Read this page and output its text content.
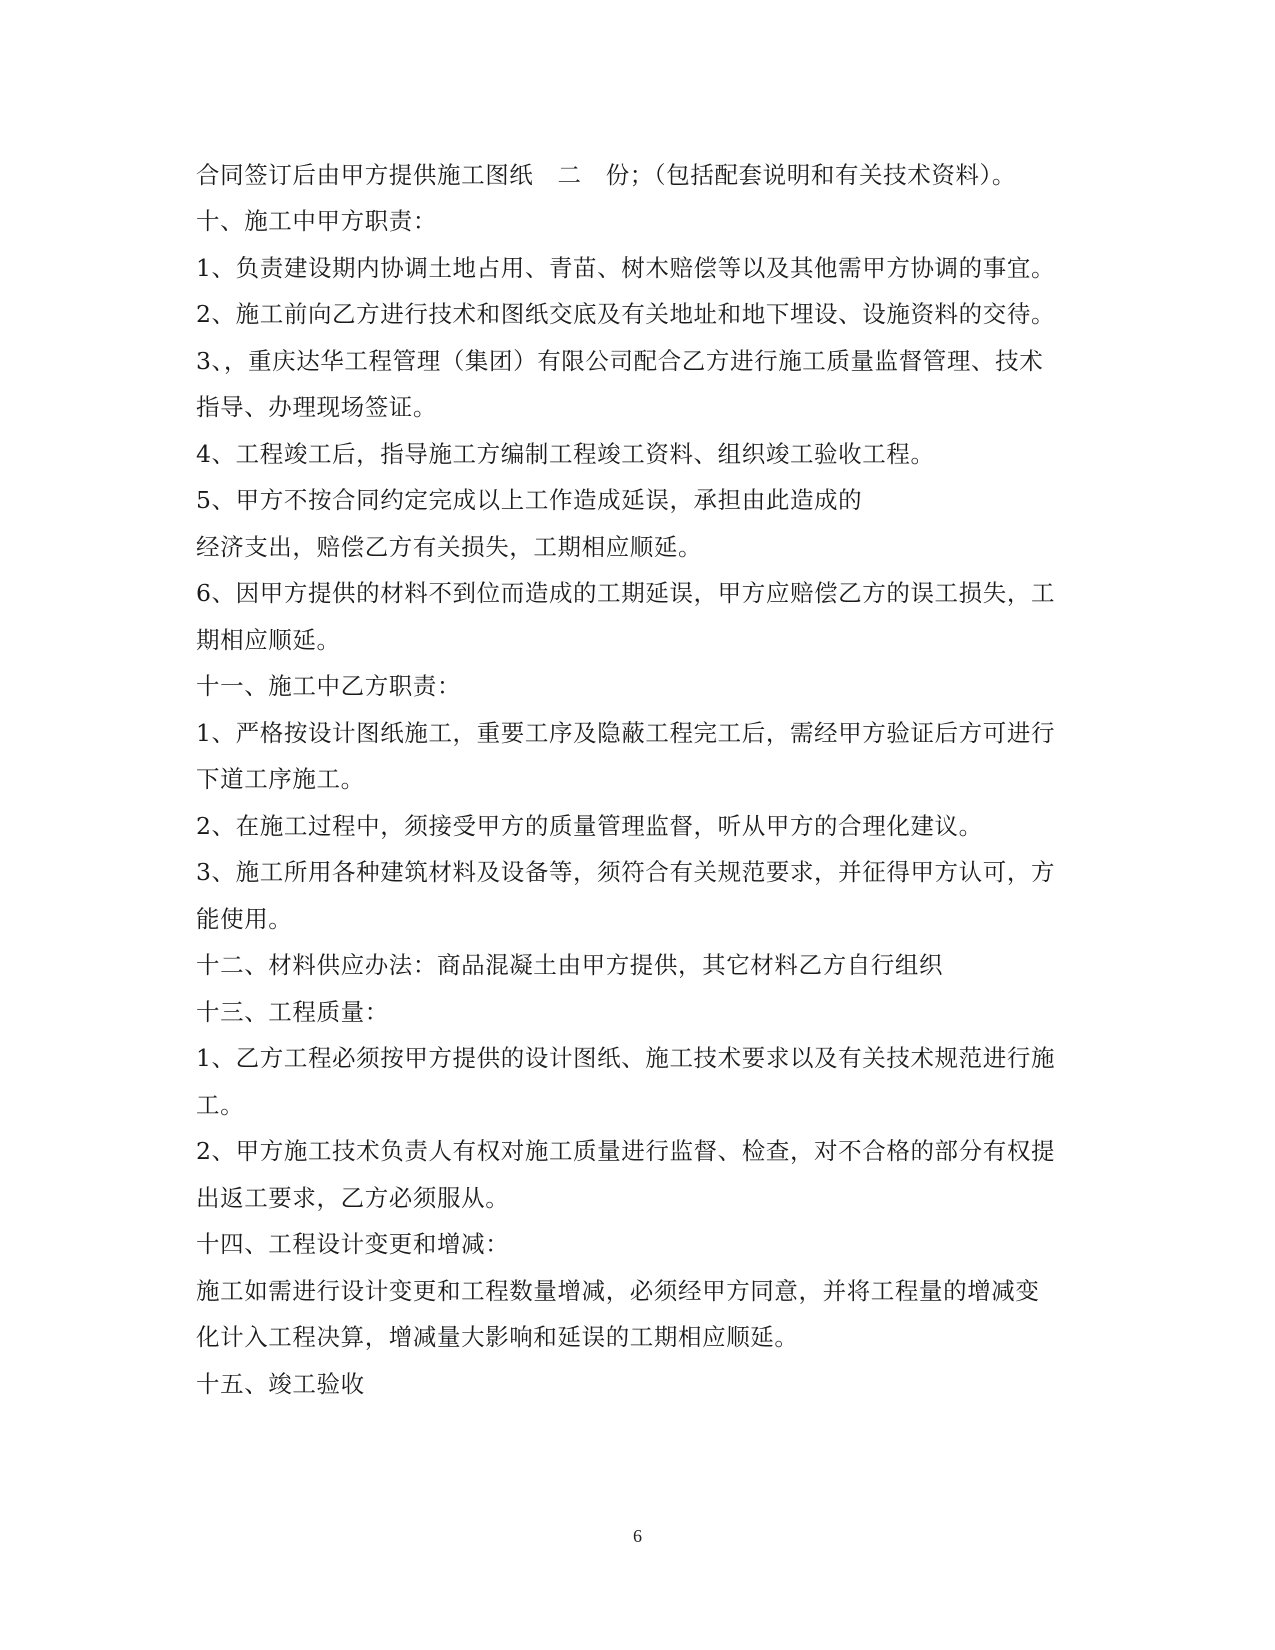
合同签订后由甲方提供施工图纸　二　份；（包括配套说明和有关技术资料）。
十、施工中甲方职责：
1、负责建设期内协调土地占用、青苗、树木赔偿等以及其他需甲方协调的事宜。
2、施工前向乙方进行技术和图纸交底及有关地址和地下埋设、设施资料的交待。
3、，重庆达华工程管理（集团）有限公司配合乙方进行施工质量监督管理、技术
指导、办理现场签证。
4、工程竣工后，指导施工方编制工程竣工资料、组织竣工验收工程。
5、甲方不按合同约定完成以上工作造成延误，承担由此造成的
经济支出，赔偿乙方有关损失，工期相应顺延。
6、因甲方提供的材料不到位而造成的工期延误，甲方应赔偿乙方的误工损失，工
期相应顺延。
十一、施工中乙方职责：
1、严格按设计图纸施工，重要工序及隐蔽工程完工后，需经甲方验证后方可进行
下道工序施工。
2、在施工过程中，须接受甲方的质量管理监督，听从甲方的合理化建议。
3、施工所用各种建筑材料及设备等，须符合有关规范要求，并征得甲方认可，方
能使用。
十二、材料供应办法：商品混凝土由甲方提供，其它材料乙方自行组织
十三、工程质量：
1、乙方工程必须按甲方提供的设计图纸、施工技术要求以及有关技术规范进行施
工。
2、甲方施工技术负责人有权对施工质量进行监督、检查，对不合格的部分有权提
出返工要求，乙方必须服从。
十四、工程设计变更和增减：
施工如需进行设计变更和工程数量增减，必须经甲方同意，并将工程量的增减变
化计入工程决算，增减量大影响和延误的工期相应顺延。
十五、竣工验收
6
